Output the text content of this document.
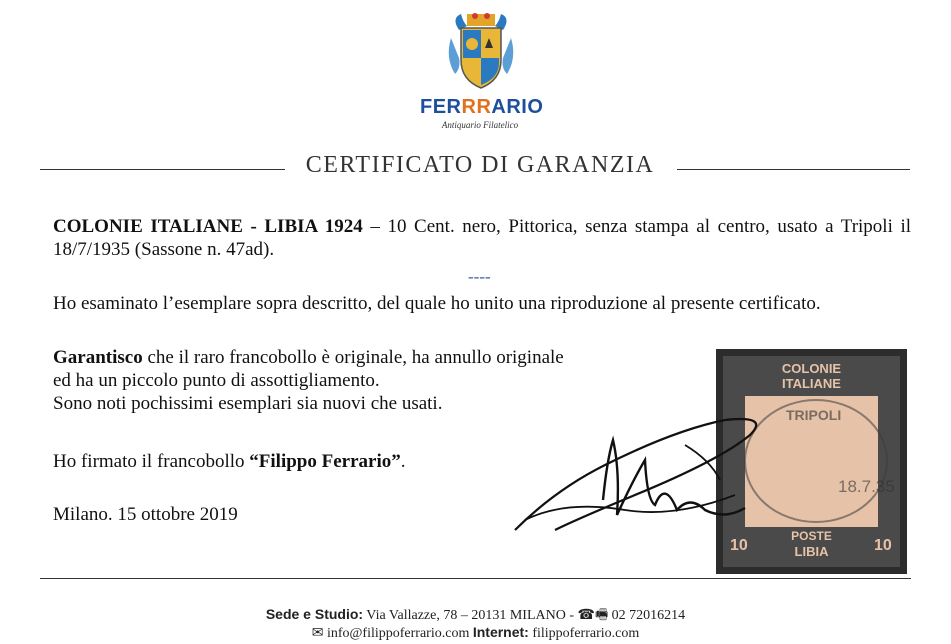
FERRRARIO
Antiquario Filatelico
CERTIFICATO DI GARANZIA

COLONIE ITALIANE - LIBIA 1924 – 10 Cent. nero, Pittorica, senza stampa al centro, usato a Tripoli il 18/7/1935 (Sassone n. 47ad).

----

Ho esaminato l’esemplare sopra descritto, del quale ho unito una riproduzione al presente certificato.

Garantisco che il raro francobollo è originale, ha annullo originale
ed ha un piccolo punto di assottigliamento.
Sono noti pochissimi esemplari sia nuovi che usati.

Ho firmato il francobollo “Filippo Ferrario”.

Milano. 15 ottobre 2019

COLONIE
ITALIANE
POSTE
LIBIA
10	10
TRIPOLI
18.7.35
Sede e Studio: Via Vallazze, 78 – 20131 MILANO - ☎🖷 02 72016214
✉ info@filippoferrario.com Internet: filippoferrario.com
